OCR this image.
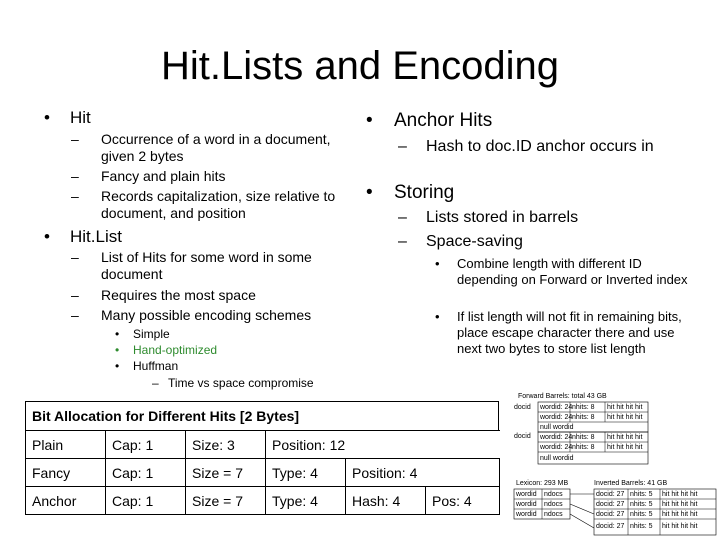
Hit.Lists and Encoding
• Hit
– Occurrence of a word in a document, given 2 bytes
– Fancy and plain hits
– Records capitalization, size relative to document, and position
• Hit.List
– List of Hits for some word in some document
– Requires the most space
– Many possible encoding schemes
• Simple
• Hand-optimized
• Huffman
– Time vs space compromise
• Anchor Hits
– Hash to doc.ID anchor occurs in
• Storing
– Lists stored in barrels
– Space-saving
• Combine length with different ID depending on Forward or Inverted index
• If list length will not fit in remaining bits, place escape character there and use next two bytes to store list length
Bit Allocation for Different Hits [2 Bytes]
Plain	Cap: 1	Size: 3	Position: 12		
Fancy	Cap: 1	Size = 7	Type: 4	Position: 4	
Anchor	Cap: 1	Size = 7	Type: 4	Hash: 4	Pos: 4
Forward Barrels: total 43 GB
docid wordid: 24 nhits: 8 hit hit hit hit
wordid: 24 nhits: 8 hit hit hit hit
null wordid
docid wordid: 24 nhits: 8 hit hit hit hit
wordid: 24 nhits: 8 hit hit hit hit
null wordid
Lexicon: 293 MB	Inverted Barrels: 41 GB
wordid ndocs
wordid ndocs
wordid ndocs
docid: 27 nhits: 5 hit hit hit hit
docid: 27 nhits: 5 hit hit hit hit
docid: 27 nhits: 5 hit hit hit hit
docid: 27 nhits: 5 hit hit hit hit
